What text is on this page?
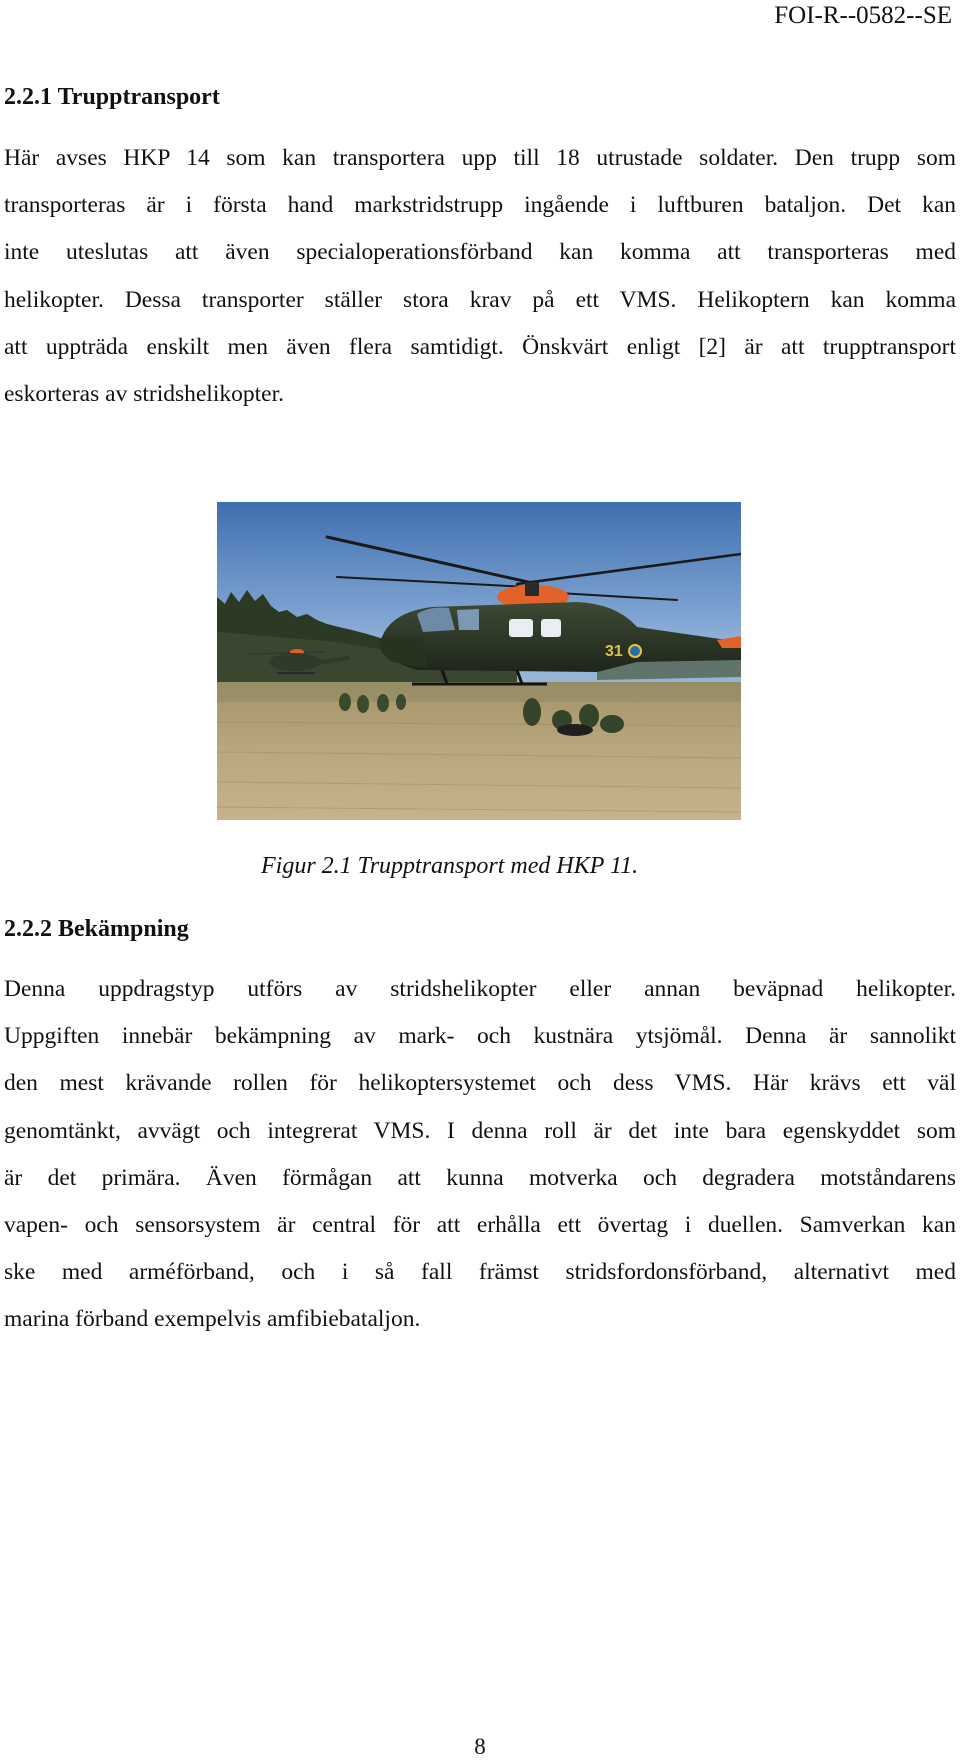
FOI-R--0582--SE
2.2.1 Trupptransport
Här avses HKP 14 som kan transportera upp till 18 utrustade soldater. Den trupp som
transporteras är i första hand markstridstrupp ingående i luftburen bataljon. Det kan
inte uteslutas att även specialoperationsförband kan komma att transporteras med
helikopter. Dessa transporter ställer stora krav på ett VMS. Helikoptern kan komma
att uppträda enskilt men även flera samtidigt. Önskvärt enligt [2] är att trupptransport
eskorteras av stridshelikopter.
31
Figur 2.1 Trupptransport med HKP 11.
2.2.2 Bekämpning
Denna uppdragstyp utförs av stridshelikopter eller annan beväpnad helikopter.
Uppgiften innebär bekämpning av mark- och kustnära ytsjömål. Denna är sannolikt
den mest krävande rollen för helikoptersystemet och dess VMS. Här krävs ett väl
genomtänkt, avvägt och integrerat VMS. I denna roll är det inte bara egenskyddet som
är det primära. Även förmågan att kunna motverka och degradera motståndarens
vapen- och sensorsystem är central för att erhålla ett övertag i duellen. Samverkan kan
ske med arméförband, och i så fall främst stridsfordonsförband, alternativt med
marina förband exempelvis amfibiebataljon.
8
